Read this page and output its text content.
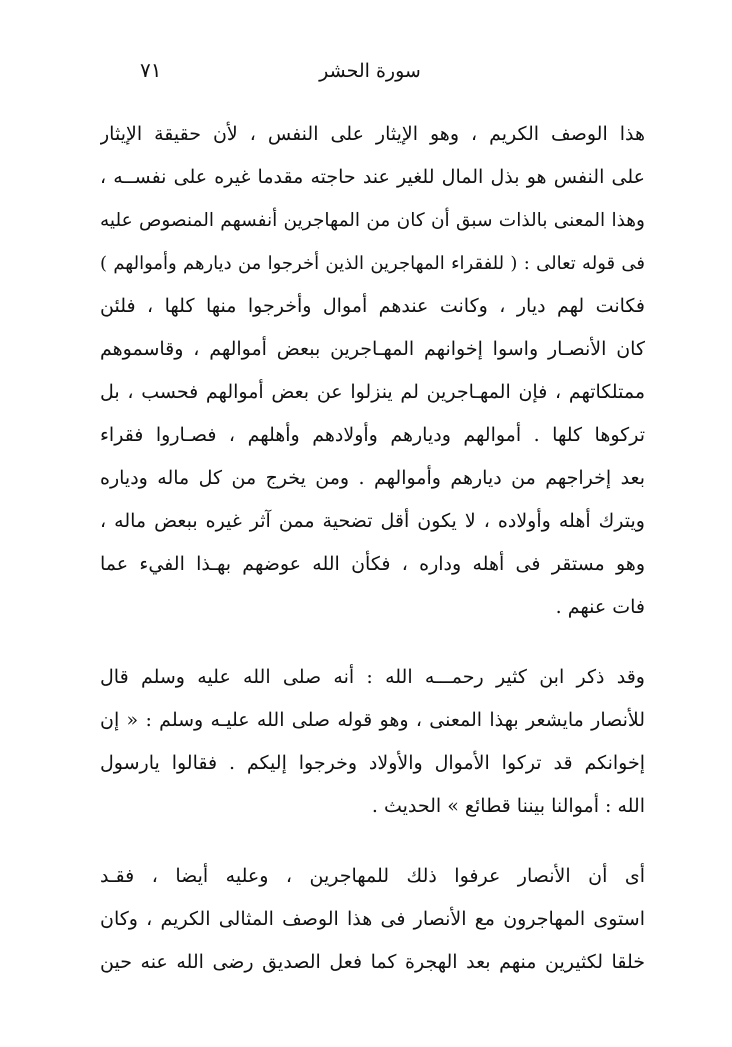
٧١	سورة الحشر
هذا الوصف الكريم ، وهو الإيثار على النفس ، لأن حقيقة الإيثار
على النفس هو بذل المال للغير عند حاجته مقدما غيره على نفســه ،
وهذا المعنى بالذات سبق أن كان من المهاجرين أنفسهم المنصوص عليه
فى قوله تعالى : ( للفقراء المهاجرين الذين أخرجوا من ديارهم وأموالهم )
فكانت لهم ديار ، وكانت عندهم أموال وأخرجوا منها كلها ، فلئن
كان الأنصـار واسوا إخوانهم المهـاجرين ببعض أموالهم ، وقاسموهم
ممتلكاتهم ، فإن المهـاجرين لم ينزلوا عن بعض أموالهم فحسب ، بل
تركوها كلها . أموالهم وديارهم وأولادهم وأهلهم ، فصـاروا فقراء
بعد إخراجهم من ديارهم وأموالهم . ومن يخرج من كل ماله ودياره
ويترك أهله وأولاده ، لا يكون أقل تضحية ممن آثر غيره ببعض ماله ،
وهو مستقر فى أهله وداره ، فكأن الله عوضهم بهـذا الفيء عما
فات عنهم .
وقد ذكر ابن كثير رحمـــه الله : أنه صلى الله عليه وسلم قال
للأنصار مايشعر بهذا المعنى ، وهو قوله صلى الله عليـه وسلم : « إن
إخوانكم قد تركوا الأموال والأولاد وخرجوا إليكم . فقالوا يارسول
الله : أموالنا بيننا قطائع » الحديث .
أى أن الأنصار عرفوا ذلك للمهاجرين ، وعليه أيضا ، فقـد
استوى المهاجرون مع الأنصار فى هذا الوصف المثالى الكريم ، وكان
خلقا لكثيرين منهم بعد الهجرة كما فعل الصديق رضى الله عنه حين
